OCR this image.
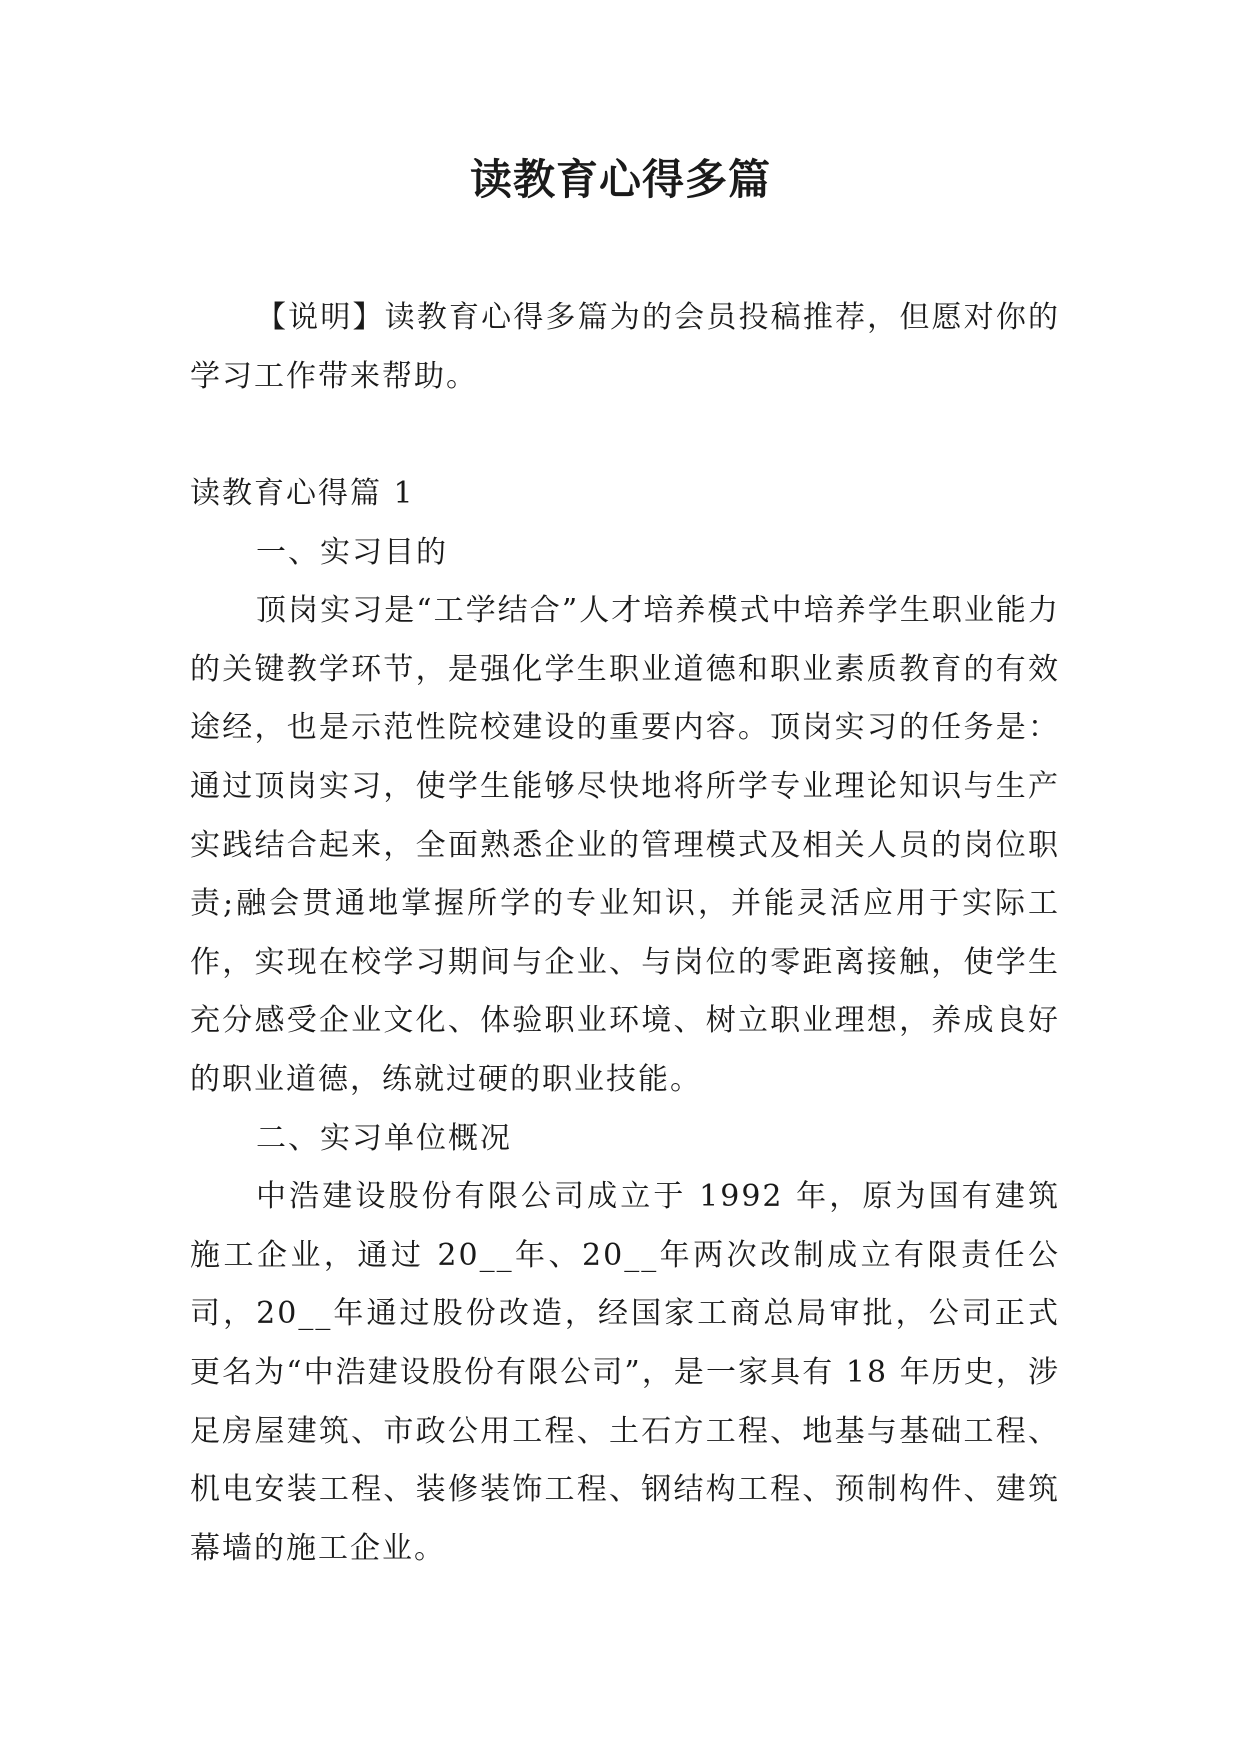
读教育心得多篇

【说明】读教育心得多篇为的会员投稿推荐，但愿对你的学习工作带来帮助。

读教育心得篇 1

一、实习目的

顶岗实习是“工学结合”人才培养模式中培养学生职业能力的关键教学环节，是强化学生职业道德和职业素质教育的有效途经，也是示范性院校建设的重要内容。顶岗实习的任务是：通过顶岗实习，使学生能够尽快地将所学专业理论知识与生产实践结合起来，全面熟悉企业的管理模式及相关人员的岗位职责;融会贯通地掌握所学的专业知识，并能灵活应用于实际工作，实现在校学习期间与企业、与岗位的零距离接触，使学生充分感受企业文化、体验职业环境、树立职业理想，养成良好的职业道德，练就过硬的职业技能。

二、实习单位概况

中浩建设股份有限公司成立于 1992 年，原为国有建筑施工企业，通过 20__年、20__年两次改制成立有限责任公司，20__年通过股份改造，经国家工商总局审批，公司正式更名为“中浩建设股份有限公司”，是一家具有 18 年历史，涉足房屋建筑、市政公用工程、土石方工程、地基与基础工程、机电安装工程、装修装饰工程、钢结构工程、预制构件、建筑幕墙的施工企业。
